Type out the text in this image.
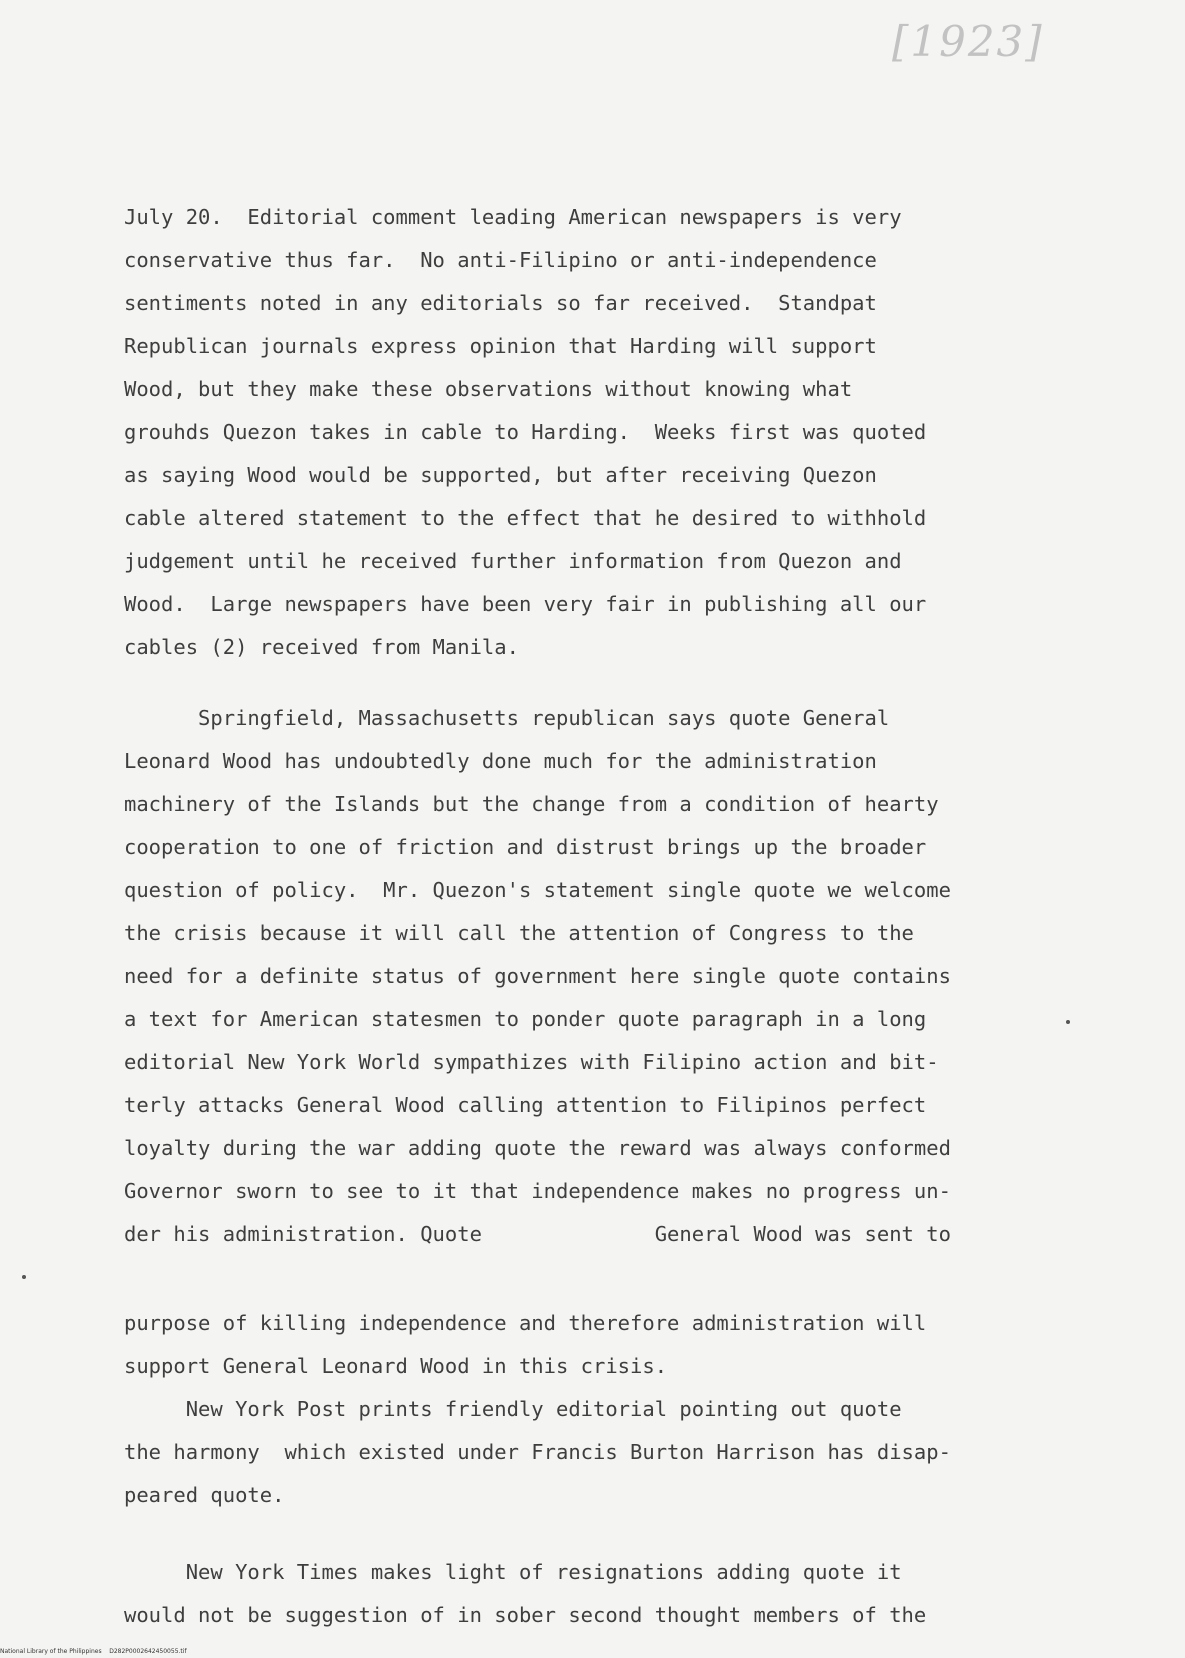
[1923]

July 20.  Editorial comment leading American newspapers is very

conservative thus far.  No anti-Filipino or anti-independence

sentiments noted in any editorials so far received.  Standpat

Republican journals express opinion that Harding will support

Wood, but they make these observations without knowing what

grouhds Quezon takes in cable to Harding.  Weeks first was quoted

as saying Wood would be supported, but after receiving Quezon

cable altered statement to the effect that he desired to withhold

judgement until he received further information from Quezon and

Wood.  Large newspapers have been very fair in publishing all our

cables (2) received from Manila.

Springfield, Massachusetts republican says quote General

Leonard Wood has undoubtedly done much for the administration

machinery of the Islands but the change from a condition of hearty

cooperation to one of friction and distrust brings up the broader

question of policy.  Mr. Quezon's statement single quote we welcome

the crisis because it will call the attention of Congress to the

need for a definite status of government here single quote contains

a text for American statesmen to ponder quote paragraph in a long

editorial New York World sympathizes with Filipino action and bit-

terly attacks General Wood calling attention to Filipinos perfect

loyalty during the war adding quote the reward was always conformed

Governor sworn to see to it that independence makes no progress un-

der his administration. Quote              General Wood was sent to

purpose of killing independence and therefore administration will

support General Leonard Wood in this crisis.

New York Post prints friendly editorial pointing out quote

the harmony  which existed under Francis Burton Harrison has disap-

peared quote.

New York Times makes light of resignations adding quote it

would not be suggestion of in sober second thought members of the

National Library of the Philippines    D282P0002642450055.tif
